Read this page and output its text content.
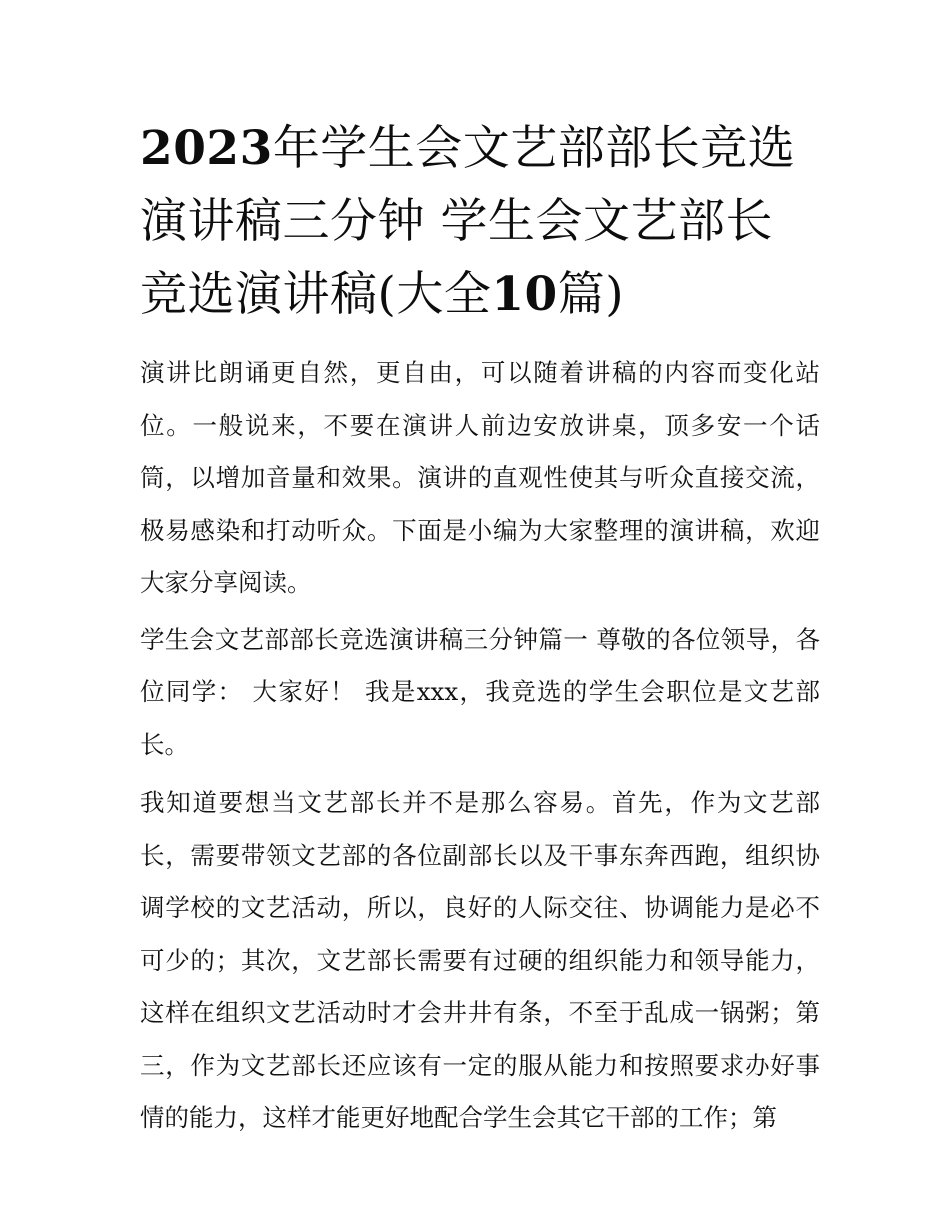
2023年学生会文艺部部长竞选演讲稿三分钟 学生会文艺部长竞选演讲稿(大全10篇)

演讲比朗诵更自然，更自由，可以随着讲稿的内容而变化站位。一般说来，不要在演讲人前边安放讲桌，顶多安一个话筒，以增加音量和效果。演讲的直观性使其与听众直接交流，极易感染和打动听众。下面是小编为大家整理的演讲稿，欢迎大家分享阅读。

学生会文艺部部长竞选演讲稿三分钟篇一 尊敬的各位领导，各位同学： 大家好！ 我是xxx，我竞选的学生会职位是文艺部长。

我知道要想当文艺部长并不是那么容易。首先，作为文艺部长，需要带领文艺部的各位副部长以及干事东奔西跑，组织协调学校的文艺活动，所以，良好的人际交往、协调能力是必不可少的；其次，文艺部长需要有过硬的组织能力和领导能力，这样在组织文艺活动时才会井井有条，不至于乱成一锅粥；第三，作为文艺部长还应该有一定的服从能力和按照要求办好事情的能力，这样才能更好地配合学生会其它干部的工作；第
